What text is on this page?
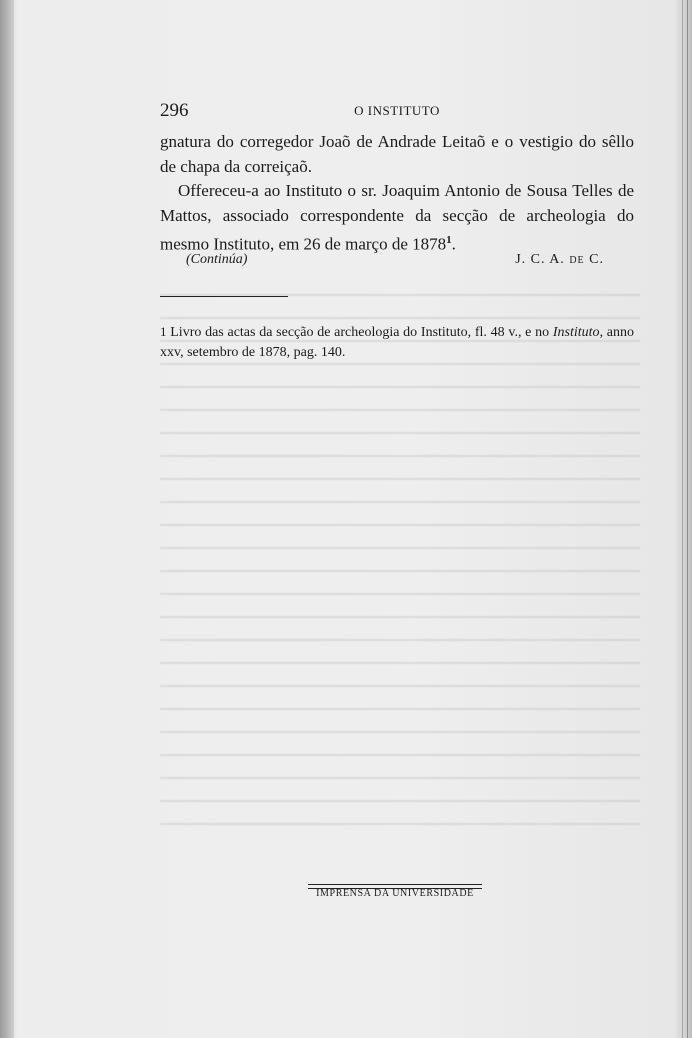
296	O INSTITUTO

gnatura do corregedor Joaõ de Andrade Leitaõ e o vestigio do sêllo de chapa da correiçaõ.

Offereceu-a ao Instituto o sr. Joaquim Antonio de Sousa Telles de Mattos, associado correspondente da secção de archeologia do mesmo Instituto, em 26 de março de 1878$^1$.

(Continúa)	J. C. A. DE C.
1 Livro das actas da secção de archeologia do Instituto, fl. 48 v., e no Instituto, anno xxv, setembro de 1878, pag. 140.
IMPRENSA DA UNIVERSIDADE
